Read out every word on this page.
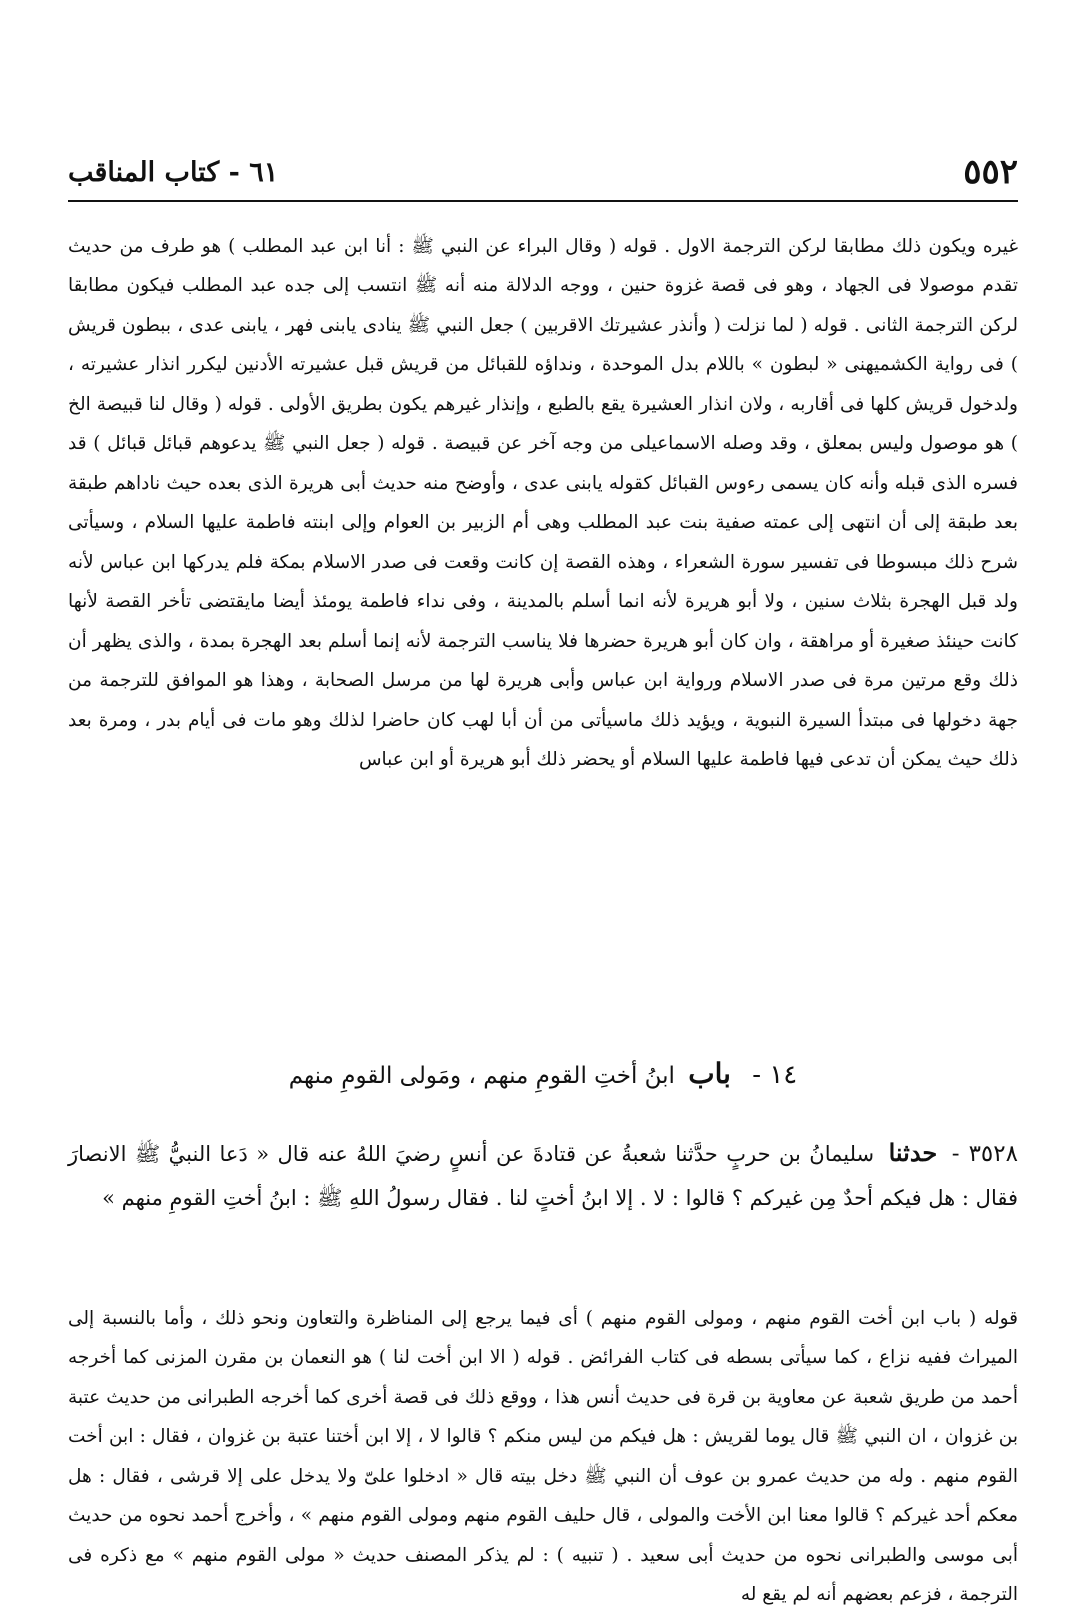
٥٥٢
٦١ - كتاب المناقب

غيره ويكون ذلك مطابقا لركن الترجمة الاول . قوله ( وقال البراء عن النبي ﷺ : أنا ابن عبد المطلب ) هو طرف من حديث تقدم موصولا فى الجهاد ، وهو فى قصة غزوة حنين ، ووجه الدلالة منه أنه ﷺ انتسب إلى جده عبد المطلب فيكون مطابقا لركن الترجمة الثانى . قوله ( لما نزلت ( وأنذر عشيرتك الاقربين ) جعل النبي ﷺ ينادى يابنى فهر ، يابنى عدى ، ببطون قريش ) فى رواية الكشميهنى « لبطون » باللام بدل الموحدة ، ونداؤه للقبائل من قريش قبل عشيرته الأدنين ليكرر انذار عشيرته ، ولدخول قريش كلها فى أقاربه ، ولان انذار العشيرة يقع بالطبع ، وإنذار غيرهم يكون بطريق الأولى . قوله ( وقال لنا قبيصة الخ ) هو موصول وليس بمعلق ، وقد وصله الاسماعيلى من وجه آخر عن قبيصة . قوله ( جعل النبي ﷺ يدعوهم قبائل قبائل ) قد فسره الذى قبله وأنه كان يسمى رءوس القبائل كقوله يابنى عدى ، وأوضح منه حديث أبى هريرة الذى بعده حيث ناداهم طبقة بعد طبقة إلى أن انتهى إلى عمته صفية بنت عبد المطلب وهى أم الزبير بن العوام وإلى ابنته فاطمة عليها السلام ، وسيأتى شرح ذلك مبسوطا فى تفسير سورة الشعراء ، وهذه القصة إن كانت وقعت فى صدر الاسلام بمكة فلم يدركها ابن عباس لأنه ولد قبل الهجرة بثلاث سنين ، ولا أبو هريرة لأنه انما أسلم بالمدينة ، وفى نداء فاطمة يومئذ أيضا مايقتضى تأخر القصة لأنها كانت حينئذ صغيرة أو مراهقة ، وان كان أبو هريرة حضرها فلا يناسب الترجمة لأنه إنما أسلم بعد الهجرة بمدة ، والذى يظهر أن ذلك وقع مرتين مرة فى صدر الاسلام ورواية ابن عباس وأبى هريرة لها من مرسل الصحابة ، وهذا هو الموافق للترجمة من جهة دخولها فى مبتدأ السيرة النبوية ، ويؤيد ذلك ماسيأتى من أن أبا لهب كان حاضرا لذلك وهو مات فى أيام بدر ، ومرة بعد ذلك حيث يمكن أن تدعى فيها فاطمة عليها السلام أو يحضر ذلك أبو هريرة أو ابن عباس

١٤ - باب ابنُ أختِ القومِ منهم ، ومَولى القومِ منهم

٣٥٢٨ - حدثنا سليمانُ بن حربٍ حدَّثنا شعبةُ عن قتادةَ عن أنسٍ رضيَ اللهُ عنه قال « دَعا النبيُّ ﷺ الانصارَ فقال : هل فيكم أحدٌ مِن غيركم ؟ قالوا : لا . إلا ابنُ أختٍ لنا . فقال رسولُ اللهِ ﷺ : ابنُ أختِ القومِ منهم »

قوله ( باب ابن أخت القوم منهم ، ومولى القوم منهم ) أى فيما يرجع إلى المناظرة والتعاون ونحو ذلك ، وأما بالنسبة إلى الميراث ففيه نزاع ، كما سيأتى بسطه فى كتاب الفرائض . قوله ( الا ابن أخت لنا ) هو النعمان بن مقرن المزنى كما أخرجه أحمد من طريق شعبة عن معاوية بن قرة فى حديث أنس هذا ، ووقع ذلك فى قصة أخرى كما أخرجه الطبرانى من حديث عتبة بن غزوان ، ان النبي ﷺ قال يوما لقريش : هل فيكم من ليس منكم ؟ قالوا لا ، إلا ابن أختنا عتبة بن غزوان ، فقال : ابن أخت القوم منهم . وله من حديث عمرو بن عوف أن النبي ﷺ دخل بيته قال « ادخلوا علىّ ولا يدخل على إلا قرشى ، فقال : هل معكم أحد غيركم ؟ قالوا معنا ابن الأخت والمولى ، قال حليف القوم منهم ومولى القوم منهم » ، وأخرج أحمد نحوه من حديث أبى موسى والطبرانى نحوه من حديث أبى سعيد . ( تنبيه ) : لم يذكر المصنف حديث « مولى القوم منهم » مع ذكره فى الترجمة ، فزعم بعضهم أنه لم يقع له
